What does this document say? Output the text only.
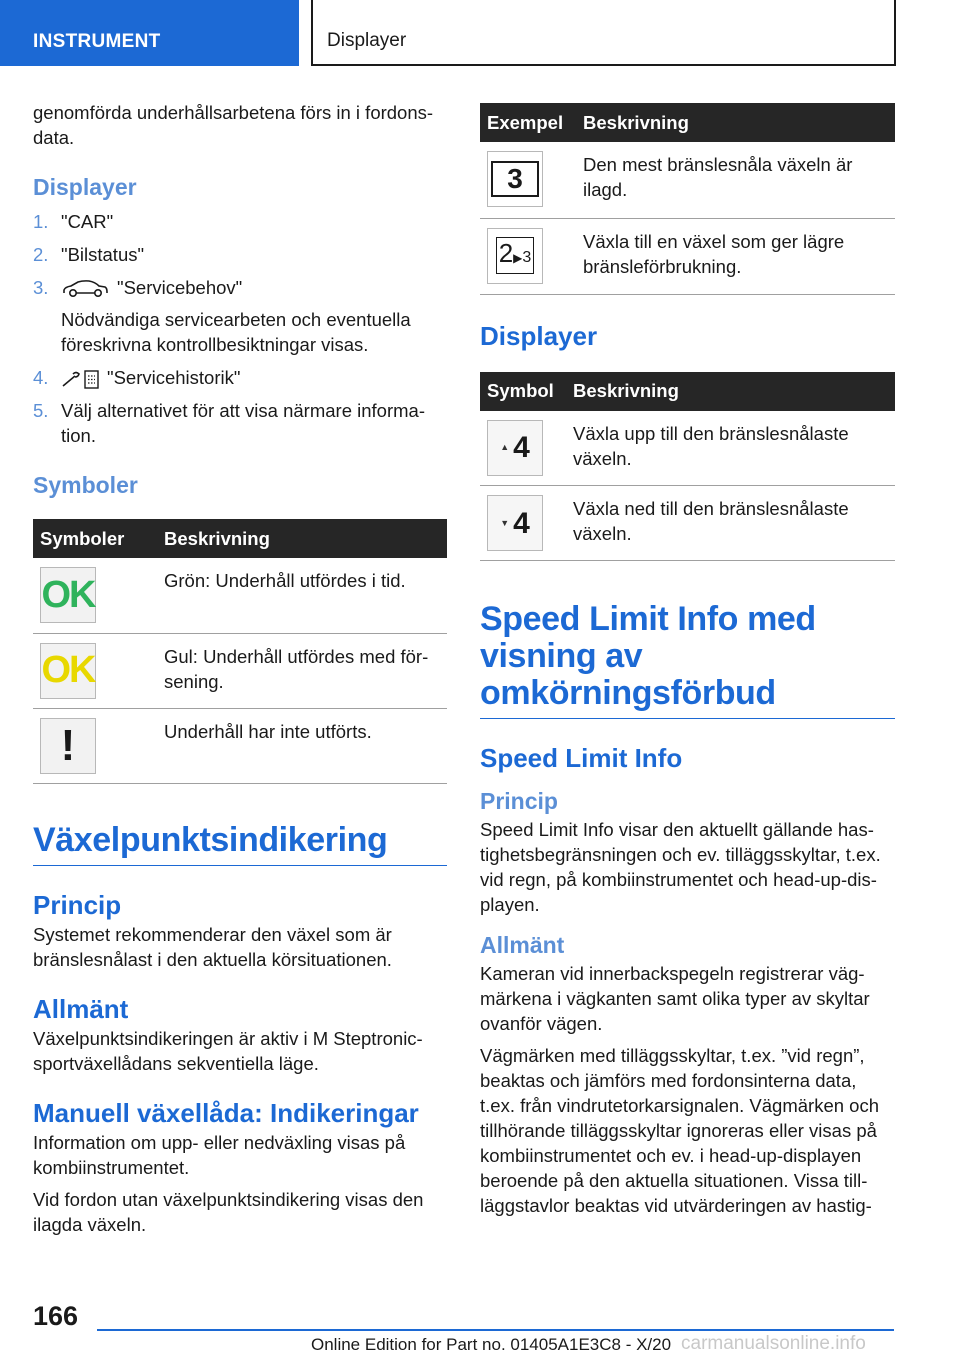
INSTRUMENT	Displayer

genomförda underhållsarbetena förs in i fordonsdata.

Displayer
1. "CAR"
2. "Bilstatus"
3.	"Servicebehov"
Nödvändiga servicearbeten och eventuella föreskrivna kontrollbesiktningar visas.
4.	"Servicehistorik"
5. Välj alternativet för att visa närmare information.
Symboler
Symboler	Beskrivning

OK	Grön: Underhåll utfördes i tid.

OK	Gul: Underhåll utfördes med försening.

!	Underhåll har inte utförts.
Växelpunktsindikering
Princip

Systemet rekommenderar den växel som är bränslesnålast i den aktuella körsituationen.

Allmänt

Växelpunktsindikeringen är aktiv i M Steptronic-sportväxellådans sekventiella läge.

Manuell växellåda: Indikeringar

Information om upp- eller nedväxling visas på kombiinstrumentet.

Vid fordon utan växelpunktsindikering visas den ilagda växeln.

Exempel	Beskrivning

3	Den mest bränslesnåla växeln är ilagd.

2▶3	Växla till en växel som ger lägre bränsleförbrukning.
Displayer
Symbol	Beskrivning

▲ 4	Växla upp till den bränslesnålaste växeln.

▼ 4	Växla ned till den bränslesnålaste växeln.
Speed Limit Info med visning av omkörningsförbud
Speed Limit Info
Princip

Speed Limit Info visar den aktuellt gällande hastighetsbegränsningen och ev. tilläggsskyltar, t.ex. vid regn, på kombiinstrumentet och head-up-displayen.

Allmänt

Kameran vid innerbackspegeln registrerar vägmärkena i vägkanten samt olika typer av skyltar ovanför vägen.

Vägmärken med tilläggsskyltar, t.ex. ”vid regn”, beaktas och jämförs med fordonsinterna data, t.ex. från vindrutetorkarsignalen. Vägmärken och tillhörande tilläggsskyltar ignoreras eller visas på kombiinstrumentet och ev. i head-up-displayen beroende på den aktuella situationen. Vissa tillläggstavlor beaktas vid utvärderingen av hastig-

166
Online Edition for Part no. 01405A1E3C8 - X/20 carmanualsonline.info
